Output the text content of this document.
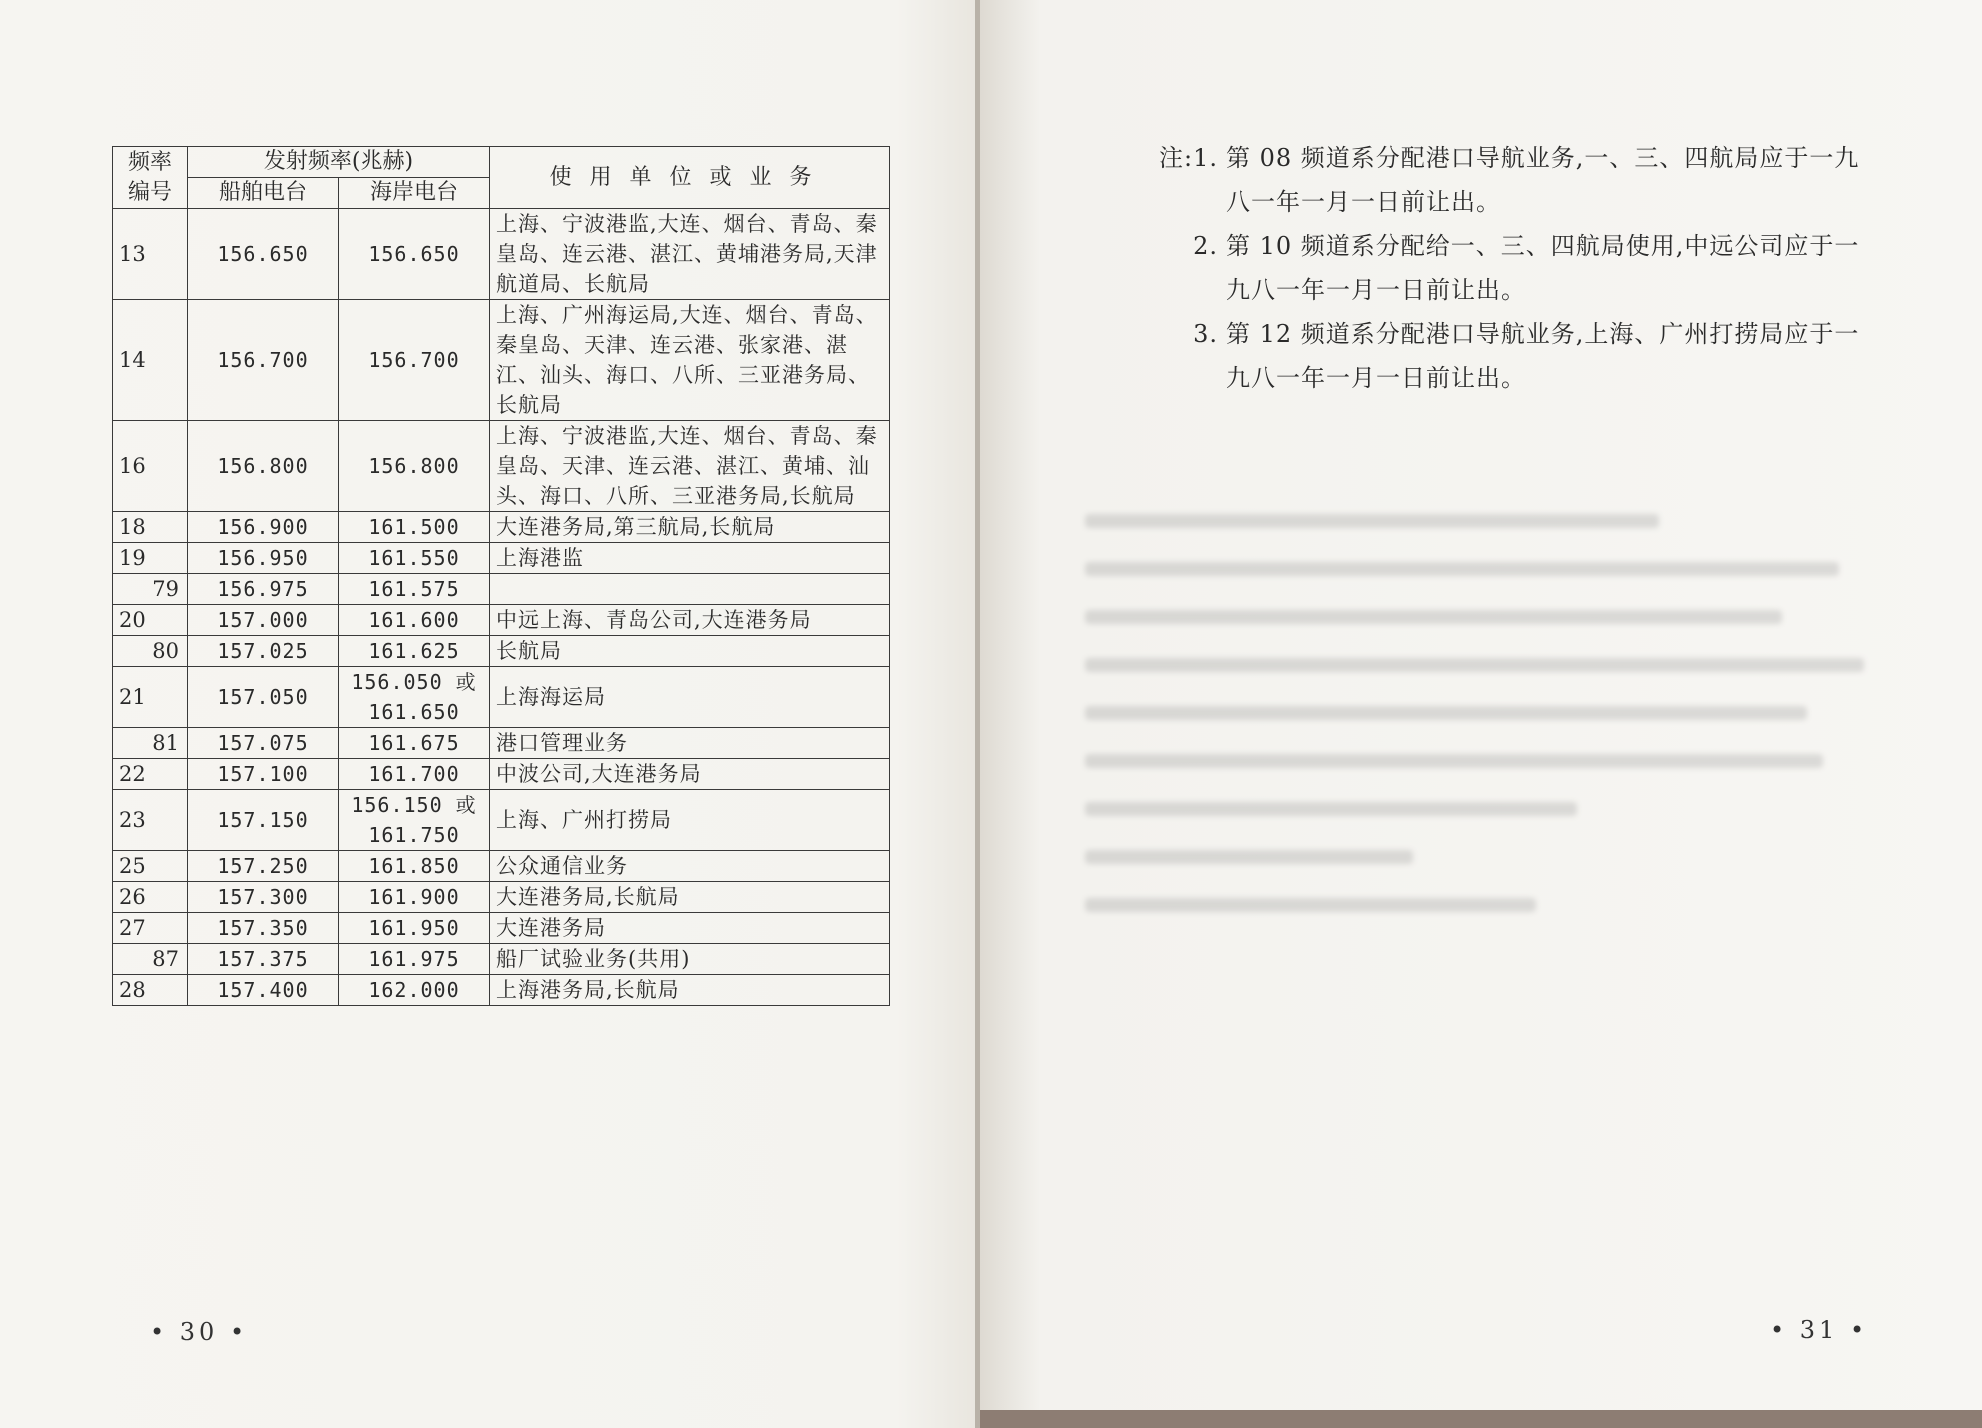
频率编号	发射频率(兆赫)		使用单位或业务
	船舶电台	海岸电台	
13	156.650	156.650	上海、宁波港监,大连、烟台、青岛、秦皇岛、连云港、湛江、黄埔港务局,天津航道局、长航局
14	156.700	156.700	上海、广州海运局,大连、烟台、青岛、秦皇岛、天津、连云港、张家港、湛江、汕头、海口、八所、三亚港务局、长航局
16	156.800	156.800	上海、宁波港监,大连、烟台、青岛、秦皇岛、天津、连云港、湛江、黄埔、汕头、海口、八所、三亚港务局,长航局
18	156.900	161.500	大连港务局,第三航局,长航局
19	156.950	161.550	上海港监
79	156.975	161.575	
20	157.000	161.600	中远上海、青岛公司,大连港务局
80	157.025	161.625	长航局
21	157.050	156.050 或 161.650	上海海运局
81	157.075	161.675	港口管理业务
22	157.100	161.700	中波公司,大连港务局
23	157.150	156.150 或 161.750	上海、广州打捞局
25	157.250	161.850	公众通信业务
26	157.300	161.900	大连港务局,长航局
27	157.350	161.950	大连港务局
87	157.375	161.975	船厂试验业务(共用)
28	157.400	162.000	上海港务局,长航局
• 30 •	• 31 •
注:1. 第 08 频道系分配港口导航业务,一、三、四航局应于一九八一年一月一日前让出。
2. 第 10 频道系分配给一、三、四航局使用,中远公司应于一九八一年一月一日前让出。
3. 第 12 频道系分配港口导航业务,上海、广州打捞局应于一九八一年一月一日前让出。
